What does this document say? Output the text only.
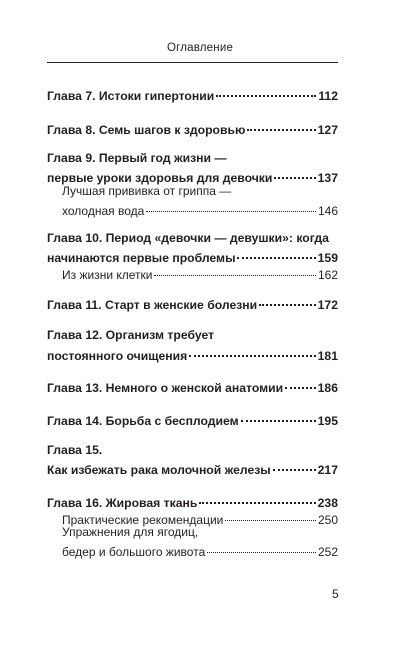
Оглавление
Глава 7. Истоки гипертонии	112
Глава 8. Семь шагов к здоровью	127
Глава 9. Первый год жизни —
первые уроки здоровья для девочки	137
Лучшая прививка от гриппа —
холодная вода	146
Глава 10. Период «девочки — девушки»: когда
начинаются первые проблемы	159
Из жизни клетки	162
Глава 11. Старт в женские болезни	172
Глава 12. Организм требует
постоянного очищения	181
Глава 13. Немного о женской анатомии	186
Глава 14. Борьба с бесплодием	195
Глава 15.
Как избежать рака молочной железы	217
Глава 16. Жировая ткань	238
Практические рекомендации	250
Упражнения для ягодиц,
бедер и большого живота	252
5
